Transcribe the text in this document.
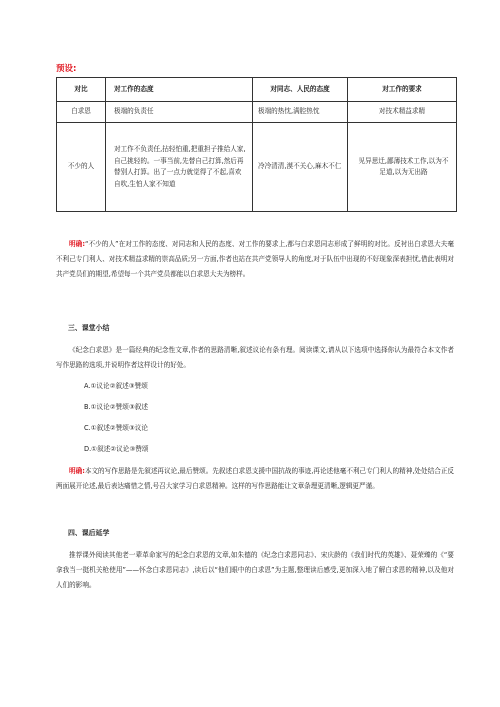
预设:
对比	对工作的态度	对同志、人民的态度	对工作的要求
白求恩	极端的负责任	极端的热忱,满腔热忱	对技术精益求精
不少的人	对工作不负责任,拈轻怕重,把重担子推给人家,自己挑轻的。一事当前,先替自己打算,然后再替别人打算。出了一点力就觉得了不起,喜欢自吹,生怕人家不知道	冷冷清清,漠不关心,麻木不仁	见异思迁,鄙薄技术工作,以为不足道,以为无出路

明确:“不少的人”在对工作的态度、对同志和人民的态度、对工作的要求上,都与白求恩同志形成了鲜明的对比。反衬出白求恩大夫毫不利己专门利人、对技术精益求精的崇高品质;另一方面,作者也站在共产党领导人的角度,对于队伍中出现的不好现象深表担忧,借此表明对共产党员们的期望,希望每一个共产党员都能以白求恩大夫为榜样。

三、课堂小结

《纪念白求恩》是一篇经典的纪念性文章,作者的思路清晰,叙述议论有条有理。阅读课文,请从以下选项中选择你认为最符合本文作者写作思路的选项,并说明作者这样设计的好处。

A.①议论②叙述③赞颂

B.①议论②赞颂③叙述

C.①叙述②赞颂③议论

D.①叙述②议论③赞颂

明确:本文的写作思路是先叙述再议论,最后赞颂。先叙述白求恩支援中国抗战的事迹,再论述他毫不利己专门利人的精神,处处结合正反两面展开论述,最后表达痛惜之情,号召大家学习白求恩精神。这样的写作思路能让文章条理更清晰,逻辑更严谨。

四、课后延学

推荐课外阅读其他老一辈革命家写的纪念白求恩的文章,如朱德的《纪念白求恩同志》、宋庆龄的《我们时代的英雄》、聂荣臻的《“要拿我当一挺机关枪使用”——怀念白求恩同志》,读后以“他们眼中的白求恩”为主题,整理读后感受,更加深入地了解白求恩的精神,以及他对人们的影响。
